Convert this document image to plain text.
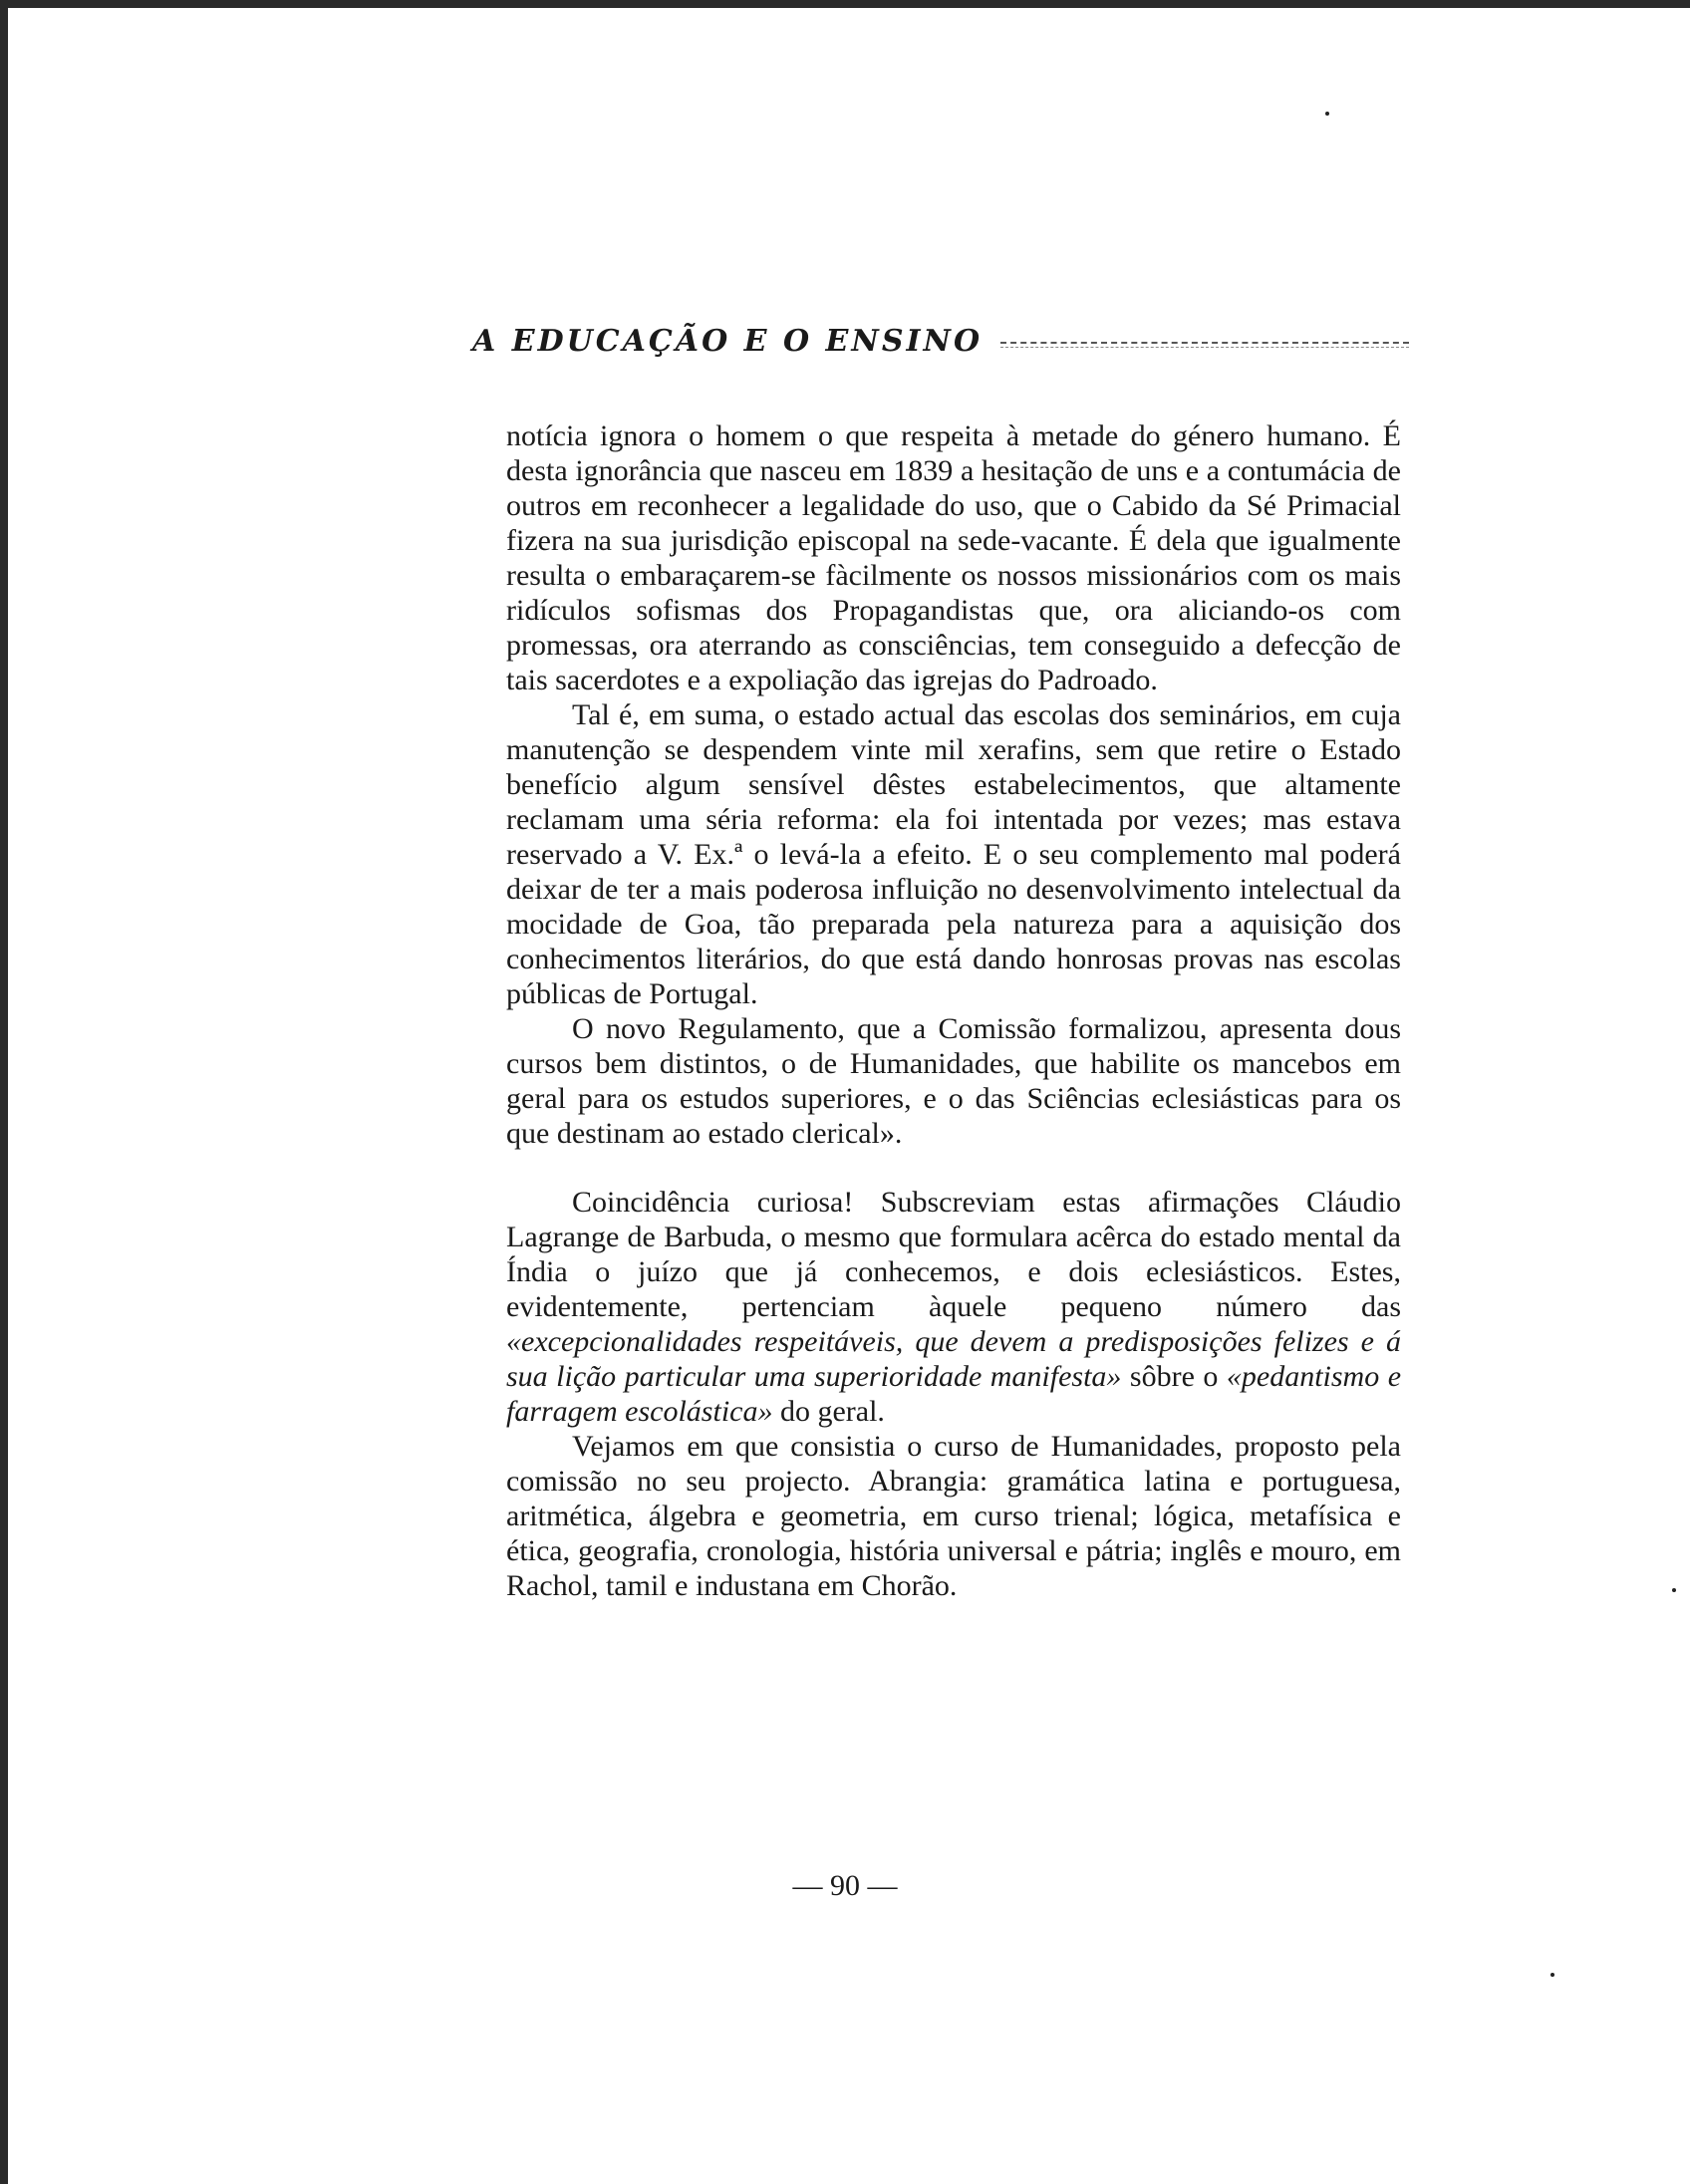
A EDUCAÇÃO E O ENSINO

notícia ignora o homem o que respeita à metade do género humano. É desta ignorância que nasceu em 1839 a hesitação de uns e a contumácia de outros em reconhecer a legalidade do uso, que o Cabido da Sé Primacial fizera na sua jurisdição episcopal na sede-vacante. É dela que igualmente resulta o embaraçarem-se fàcilmente os nossos missionários com os mais ridículos sofismas dos Propagandistas que, ora aliciando-os com promessas, ora aterrando as consciências, tem conseguido a defecção de tais sacerdotes e a expoliação das igrejas do Padroado.

Tal é, em suma, o estado actual das escolas dos seminários, em cuja manutenção se despendem vinte mil xerafins, sem que retire o Estado benefício algum sensível dêstes estabelecimentos, que altamente reclamam uma séria reforma: ela foi intentada por vezes; mas estava reservado a V. Ex.ª o levá-la a efeito. E o seu complemento mal poderá deixar de ter a mais poderosa influição no desenvolvimento intelectual da mocidade de Goa, tão preparada pela natureza para a aquisição dos conhecimentos literários, do que está dando honrosas provas nas escolas públicas de Portugal.

O novo Regulamento, que a Comissão formalizou, apresenta dous cursos bem distintos, o de Humanidades, que habilite os mancebos em geral para os estudos superiores, e o das Sciências eclesiásticas para os que destinam ao estado clerical».

Coincidência curiosa! Subscreviam estas afirmações Cláudio Lagrange de Barbuda, o mesmo que formulara acêrca do estado mental da Índia o juízo que já conhecemos, e dois eclesiásticos. Estes, evidentemente, pertenciam àquele pequeno número das «excepcionalidades respeitáveis, que devem a predisposições felizes e á sua lição particular uma superioridade manifesta» sôbre o «pedantismo e farragem escolástica» do geral.

Vejamos em que consistia o curso de Humanidades, proposto pela comissão no seu projecto. Abrangia: gramática latina e portuguesa, aritmética, álgebra e geometria, em curso trienal; lógica, metafísica e ética, geografia, cronologia, história universal e pátria; inglês e mouro, em Rachol, tamil e industana em Chorão.

— 90 —
